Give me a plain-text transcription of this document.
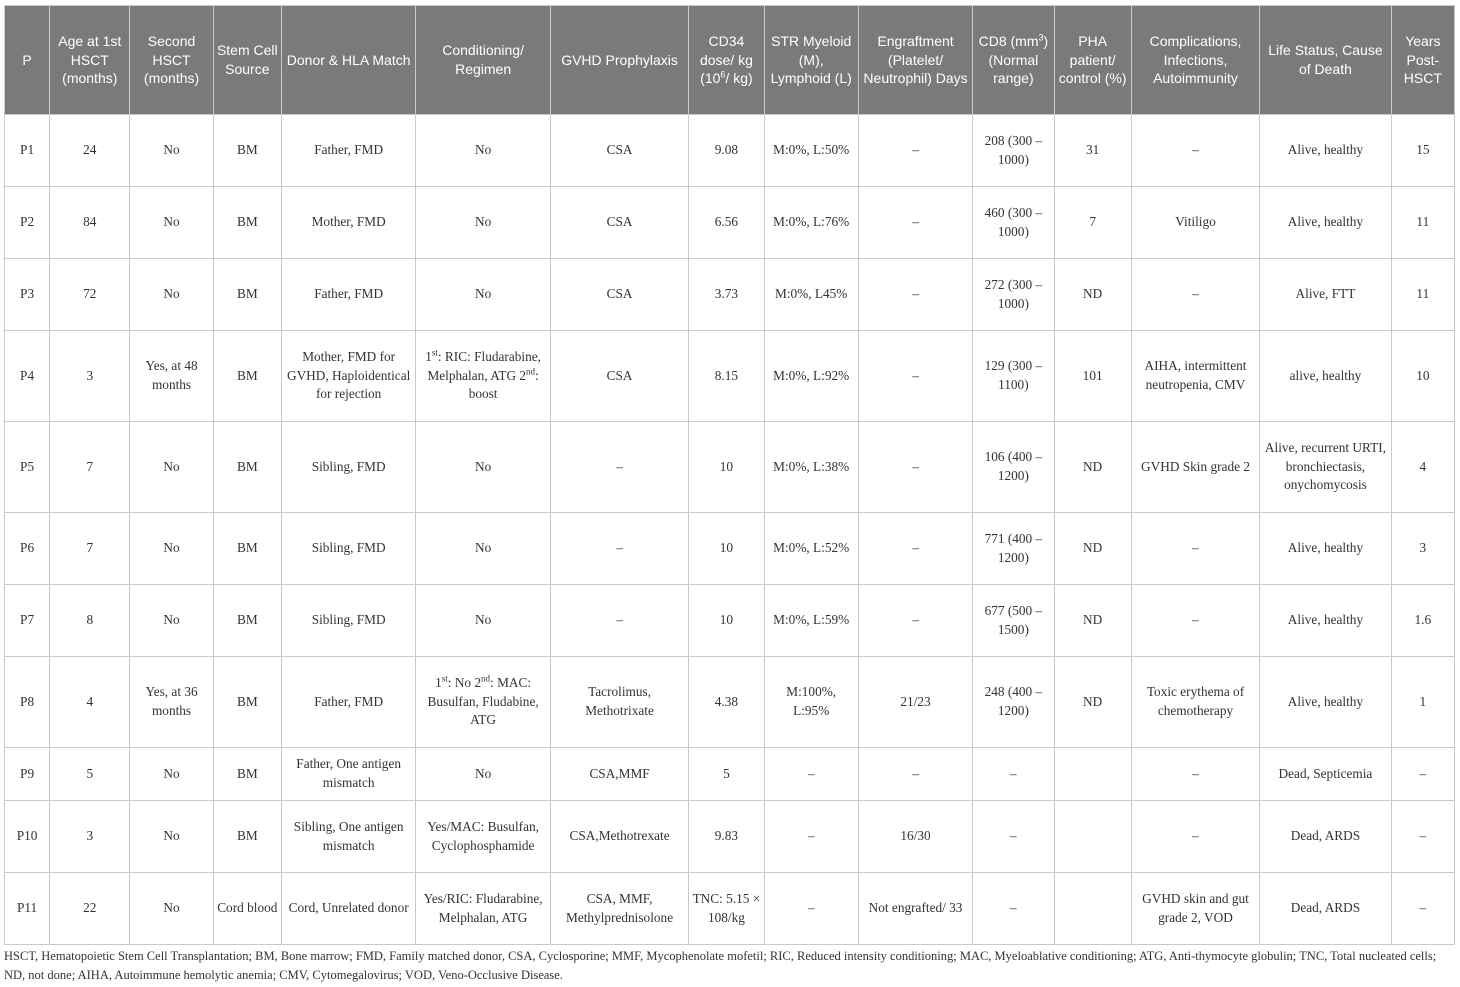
P	Age at 1st HSCT (months)	Second HSCT (months)	Stem Cell Source	Donor & HLA Match	Conditioning/ Regimen	GVHD Prophylaxis	CD34 dose/ kg ($10^6/$ kg)	STR Myeloid (M), Lymphoid (L)	Engraftment (Platelet/ Neutrophil) Days	CD8 $(mm^3)$ (Normal range)	PHA patient/ control (%)	Complications, Infections, Autoimmunity	Life Status, Cause of Death	Years Post-HSCT
P1	24	No	BM	Father, FMD	No	CSA	9.08	M:0%, L:50%	–	208 (300 – 1000)	31	–	Alive, healthy	15
P2	84	No	BM	Mother, FMD	No	CSA	6.56	M:0%, L:76%	–	460 (300 – 1000)	7	Vitiligo	Alive, healthy	11
P3	72	No	BM	Father, FMD	No	CSA	3.73	M:0%, L45%	–	272 (300 – 1000)	ND	–	Alive, FTT	11
P4	3	Yes, at 48 months	BM	Mother, FMD for GVHD, Haploidentical for rejection	1st: RIC: Fludarabine, Melphalan, ATG 2nd: boost	CSA	8.15	M:0%, L:92%	–	129 (300 – 1100)	101	AIHA, intermittent neutropenia, CMV	alive, healthy	10
P5	7	No	BM	Sibling, FMD	No	–	10	M:0%, L:38%	–	106 (400 – 1200)	ND	GVHD Skin grade 2	Alive, recurrent URTI, bronchiectasis, onychomycosis	4
P6	7	No	BM	Sibling, FMD	No	–	10	M:0%, L:52%	–	771 (400 – 1200)	ND	–	Alive, healthy	3
P7	8	No	BM	Sibling, FMD	No	–	10	M:0%, L:59%	–	677 (500 – 1500)	ND	–	Alive, healthy	1.6
P8	4	Yes, at 36 months	BM	Father, FMD	1st: No 2nd: MAC: Busulfan, Fludabine, ATG	Tacrolimus, Methotrixate	4.38	M:100%, L:95%	21/23	248 (400 – 1200)	ND	Toxic erythema of chemotherapy	Alive, healthy	1
P9	5	No	BM	Father, One antigen mismatch	No	CSA,MMF	5	–	–	–		–	Dead, Septicemia	–
P10	3	No	BM	Sibling, One antigen mismatch	Yes/MAC: Busulfan, Cyclophosphamide	CSA,Methotrexate	9.83	–	16/30	–		–	Dead, ARDS	–
P11	22	No	Cord blood	Cord, Unrelated donor	Yes/RIC: Fludarabine, Melphalan, ATG	CSA, MMF, Methylprednisolone	TNC: 5.15 × 108/kg	–	Not engrafted/ 33	–		GVHD skin and gut grade 2, VOD	Dead, ARDS	–
HSCT, Hematopoietic Stem Cell Transplantation; BM, Bone marrow; FMD, Family matched donor, CSA, Cyclosporine; MMF, Mycophenolate mofetil; RIC, Reduced intensity conditioning; MAC, Myeloablative conditioning; ATG, Anti-thymocyte globulin; TNC, Total nucleated cells; ND, not done; AIHA, Autoimmune hemolytic anemia; CMV, Cytomegalovirus; VOD, Veno-Occlusive Disease.
